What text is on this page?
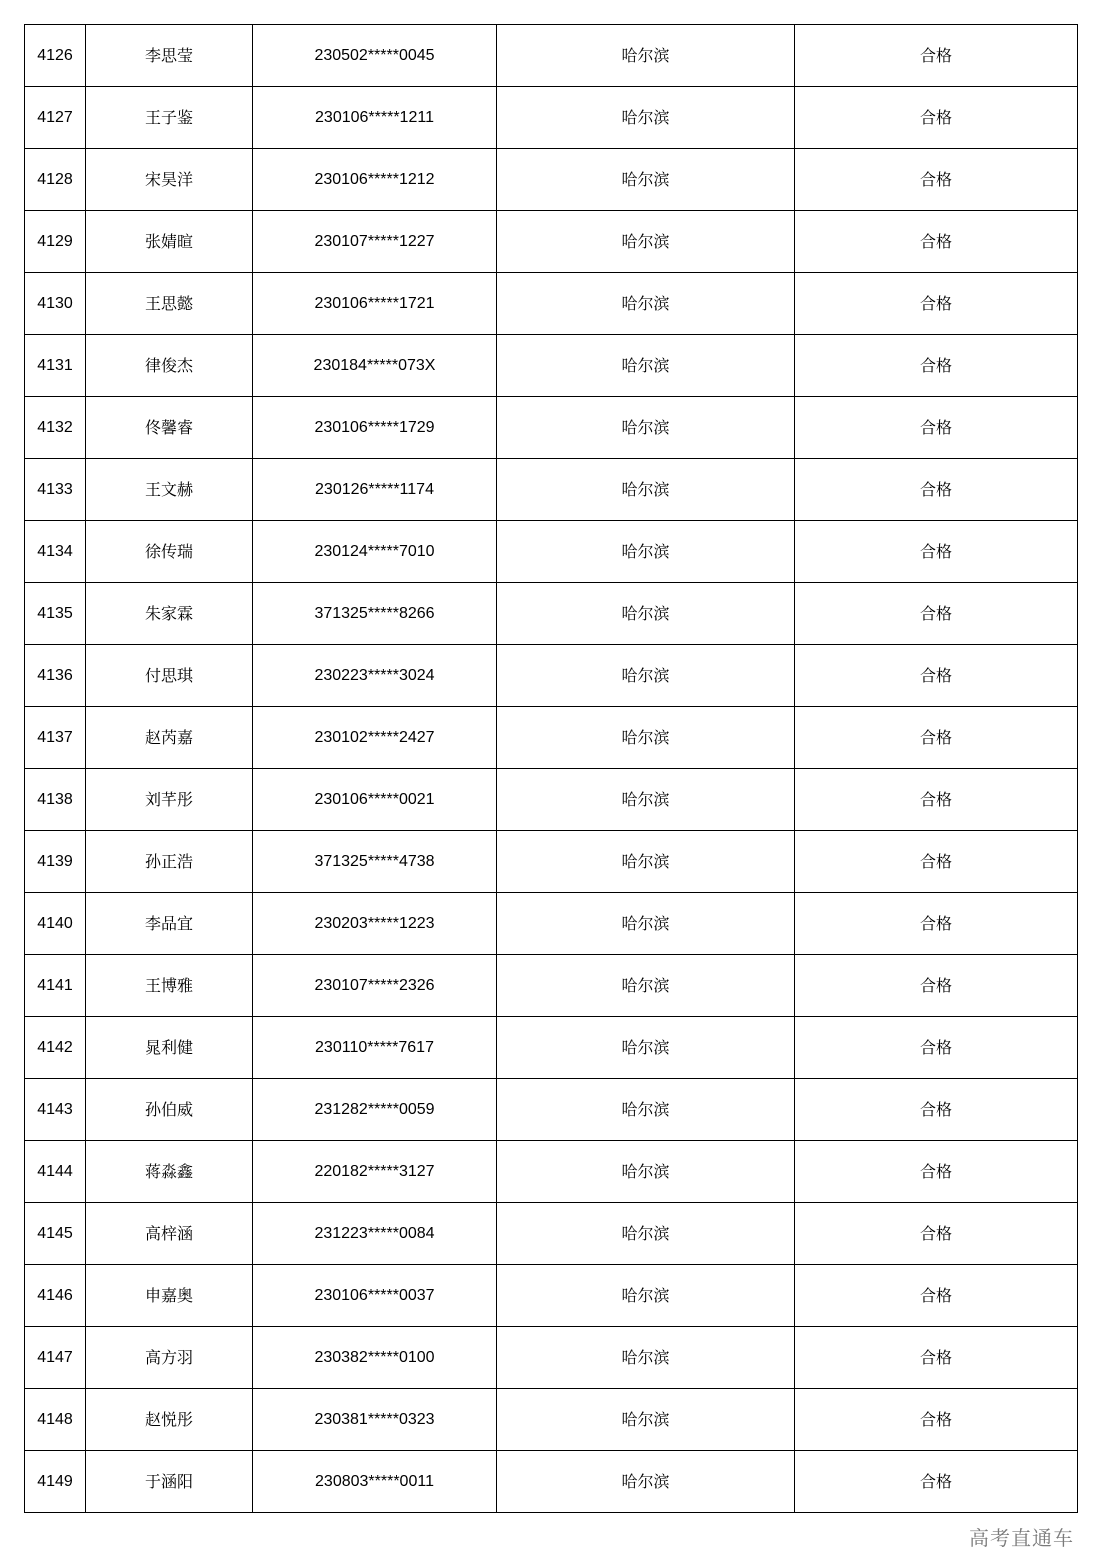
4126	李思莹	230502*****0045	哈尔滨	合格
4127	王子鉴	230106*****1211	哈尔滨	合格
4128	宋昊洋	230106*****1212	哈尔滨	合格
4129	张婧暄	230107*****1227	哈尔滨	合格
4130	王思懿	230106*****1721	哈尔滨	合格
4131	律俊杰	230184*****073X	哈尔滨	合格
4132	佟馨睿	230106*****1729	哈尔滨	合格
4133	王文赫	230126*****1174	哈尔滨	合格
4134	徐传瑞	230124*****7010	哈尔滨	合格
4135	朱家霖	371325*****8266	哈尔滨	合格
4136	付思琪	230223*****3024	哈尔滨	合格
4137	赵芮嘉	230102*****2427	哈尔滨	合格
4138	刘芊彤	230106*****0021	哈尔滨	合格
4139	孙正浩	371325*****4738	哈尔滨	合格
4140	李品宜	230203*****1223	哈尔滨	合格
4141	王博雅	230107*****2326	哈尔滨	合格
4142	晁利健	230110*****7617	哈尔滨	合格
4143	孙伯威	231282*****0059	哈尔滨	合格
4144	蒋淼鑫	220182*****3127	哈尔滨	合格
4145	高梓涵	231223*****0084	哈尔滨	合格
4146	申嘉奥	230106*****0037	哈尔滨	合格
4147	高方羽	230382*****0100	哈尔滨	合格
4148	赵悦彤	230381*****0323	哈尔滨	合格
4149	于涵阳	230803*****0011	哈尔滨	合格
高考直通车
